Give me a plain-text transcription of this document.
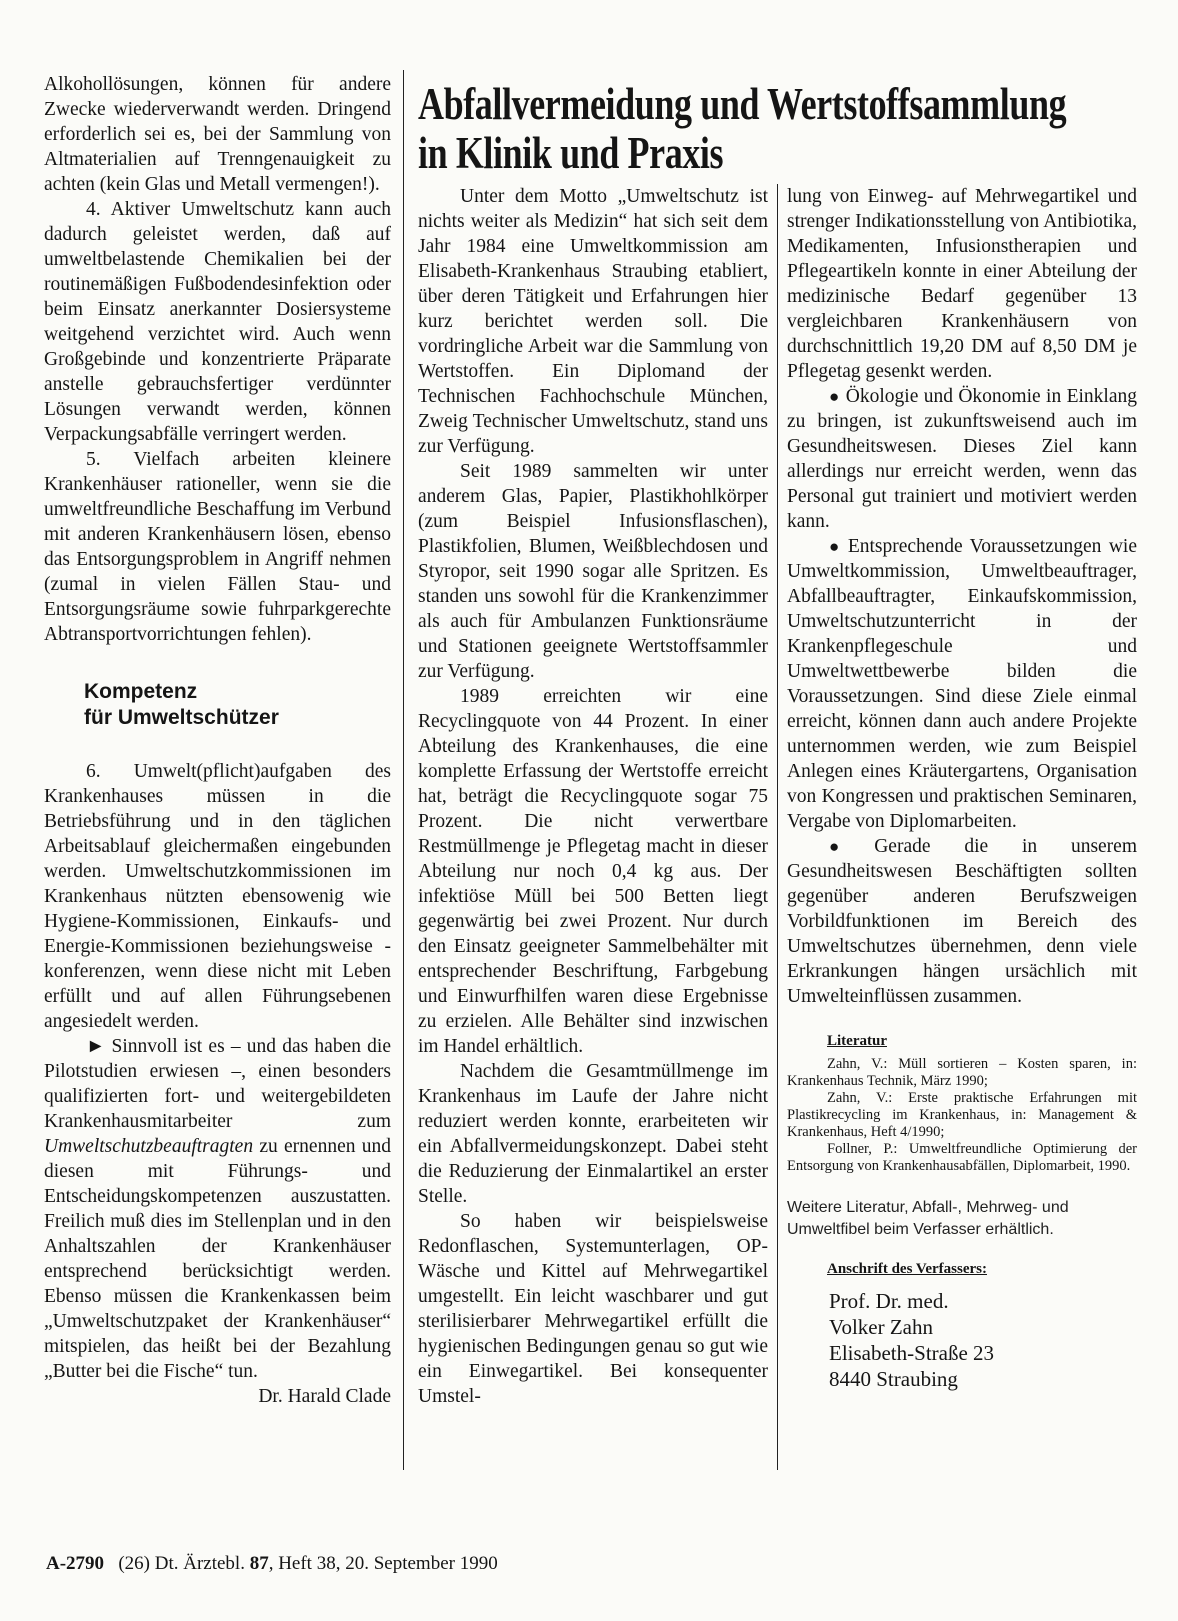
Alkohollösungen, können für andere Zwecke wiederverwandt werden. Dringend erforderlich sei es, bei der Sammlung von Altmaterialien auf Trenngenauigkeit zu achten (kein Glas und Metall vermengen!).

4. Aktiver Umweltschutz kann auch dadurch geleistet werden, daß auf umweltbelastende Chemikalien bei der routinemäßigen Fußbodendesinfektion oder beim Einsatz anerkannter Dosiersysteme weitgehend verzichtet wird. Auch wenn Großgebinde und konzentrierte Präparate anstelle gebrauchsfertiger verdünnter Lösungen verwandt werden, können Verpackungsabfälle verringert werden.

5. Vielfach arbeiten kleinere Krankenhäuser rationeller, wenn sie die umweltfreundliche Beschaffung im Verbund mit anderen Krankenhäusern lösen, ebenso das Entsorgungsproblem in Angriff nehmen (zumal in vielen Fällen Stau- und Entsorgungsräume sowie fuhrparkgerechte Abtransportvorrichtungen fehlen).

Kompetenz
für Umweltschützer

6. Umwelt(pflicht)aufgaben des Krankenhauses müssen in die Betriebsführung und in den täglichen Arbeitsablauf gleichermaßen eingebunden werden. Umweltschutzkommissionen im Krankenhaus nützten ebensowenig wie Hygiene-Kommissionen, Einkaufs- und Energie-Kommissionen beziehungsweise -konferenzen, wenn diese nicht mit Leben erfüllt und auf allen Führungsebenen angesiedelt werden.

► Sinnvoll ist es – und das haben die Pilotstudien erwiesen –, einen besonders qualifizierten fort- und weitergebildeten Krankenhausmitarbeiter zum Umweltschutzbeauftragten zu ernennen und diesen mit Führungs- und Entscheidungskompetenzen auszustatten. Freilich muß dies im Stellenplan und in den Anhaltszahlen der Krankenhäuser entsprechend berücksichtigt werden. Ebenso müssen die Krankenkassen beim „Umweltschutzpaket der Krankenhäuser“ mitspielen, das heißt bei der Bezahlung „Butter bei die Fische“ tun.
Dr. Harald Clade

Abfallvermeidung und Wertstoffsammlung
in Klinik und Praxis

Unter dem Motto „Umweltschutz ist nichts weiter als Medizin“ hat sich seit dem Jahr 1984 eine Umweltkommission am Elisabeth-Krankenhaus Straubing etabliert, über deren Tätigkeit und Erfahrungen hier kurz berichtet werden soll. Die vordringliche Arbeit war die Sammlung von Wertstoffen. Ein Diplomand der Technischen Fachhochschule München, Zweig Technischer Umweltschutz, stand uns zur Verfügung.

Seit 1989 sammelten wir unter anderem Glas, Papier, Plastikhohlkörper (zum Beispiel Infusionsflaschen), Plastikfolien, Blumen, Weißblechdosen und Styropor, seit 1990 sogar alle Spritzen. Es standen uns sowohl für die Krankenzimmer als auch für Ambulanzen Funktionsräume und Stationen geeignete Wertstoffsammler zur Verfügung.

1989 erreichten wir eine Recyclingquote von 44 Prozent. In einer Abteilung des Krankenhauses, die eine komplette Erfassung der Wertstoffe erreicht hat, beträgt die Recyclingquote sogar 75 Prozent. Die nicht verwertbare Restmüllmenge je Pflegetag macht in dieser Abteilung nur noch 0,4 kg aus. Der infektiöse Müll bei 500 Betten liegt gegenwärtig bei zwei Prozent. Nur durch den Einsatz geeigneter Sammelbehälter mit entsprechender Beschriftung, Farbgebung und Einwurfhilfen waren diese Ergebnisse zu erzielen. Alle Behälter sind inzwischen im Handel erhältlich.

Nachdem die Gesamtmüllmenge im Krankenhaus im Laufe der Jahre nicht reduziert werden konnte, erarbeiteten wir ein Abfallvermeidungskonzept. Dabei steht die Reduzierung der Einmalartikel an erster Stelle.

So haben wir beispielsweise Redonflaschen, Systemunterlagen, OP-Wäsche und Kittel auf Mehrwegartikel umgestellt. Ein leicht waschbarer und gut sterilisierbarer Mehrwegartikel erfüllt die hygienischen Bedingungen genau so gut wie ein Einwegartikel. Bei konsequenter Umstel-

lung von Einweg- auf Mehrwegartikel und strenger Indikationsstellung von Antibiotika, Medikamenten, Infusionstherapien und Pflegeartikeln konnte in einer Abteilung der medizinische Bedarf gegenüber 13 vergleichbaren Krankenhäusern von durchschnittlich 19,20 DM auf 8,50 DM je Pflegetag gesenkt werden.

● Ökologie und Ökonomie in Einklang zu bringen, ist zukunftsweisend auch im Gesundheitswesen. Dieses Ziel kann allerdings nur erreicht werden, wenn das Personal gut trainiert und motiviert werden kann.

● Entsprechende Voraussetzungen wie Umweltkommission, Umweltbeauftrager, Abfallbeauftragter, Einkaufskommission, Umweltschutzunterricht in der Krankenpflegeschule und Umweltwettbewerbe bilden die Voraussetzungen. Sind diese Ziele einmal erreicht, können dann auch andere Projekte unternommen werden, wie zum Beispiel Anlegen eines Kräutergartens, Organisation von Kongressen und praktischen Seminaren, Vergabe von Diplomarbeiten.

● Gerade die in unserem Gesundheitswesen Beschäftigten sollten gegenüber anderen Berufszweigen Vorbildfunktionen im Bereich des Umweltschutzes übernehmen, denn viele Erkrankungen hängen ursächlich mit Umwelteinflüssen zusammen.

Literatur

Zahn, V.: Müll sortieren – Kosten sparen, in: Krankenhaus Technik, März 1990;

Zahn, V.: Erste praktische Erfahrungen mit Plastikrecycling im Krankenhaus, in: Management & Krankenhaus, Heft 4/1990;

Follner, P.: Umweltfreundliche Optimierung der Entsorgung von Krankenhausabfällen, Diplomarbeit, 1990.

Weitere Literatur, Abfall-, Mehrweg- und Umweltfibel beim Verfasser erhältlich.
Anschrift des Verfassers:
Prof. Dr. med.
Volker Zahn
Elisabeth-Straße 23
8440 Straubing
A-2790 (26) Dt. Ärztebl. 87, Heft 38, 20. September 1990
